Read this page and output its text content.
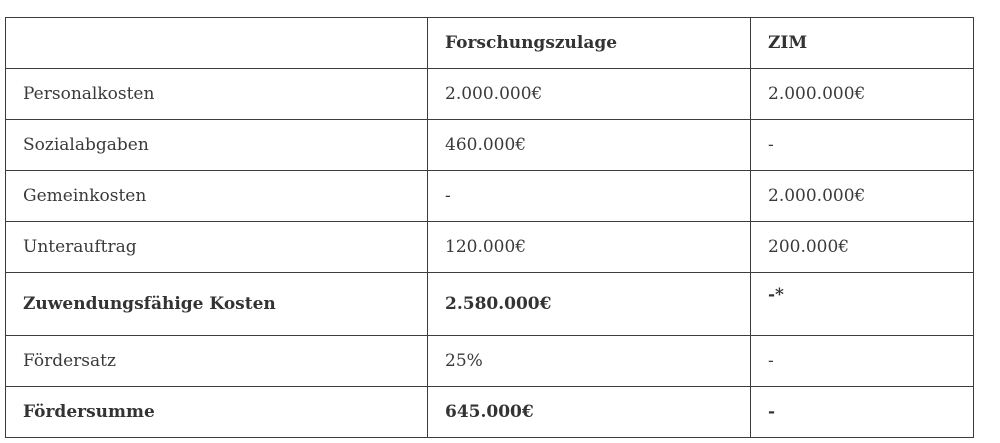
	Forschungszulage	ZIM
Personalkosten	2.000.000€	2.000.000€
Sozialabgaben	460.000€	-
Gemeinkosten	-	2.000.000€
Unterauftrag	120.000€	200.000€
Zuwendungsfähige Kosten	2.580.000€	-*
Fördersatz	25%	-
Fördersumme	645.000€	-
